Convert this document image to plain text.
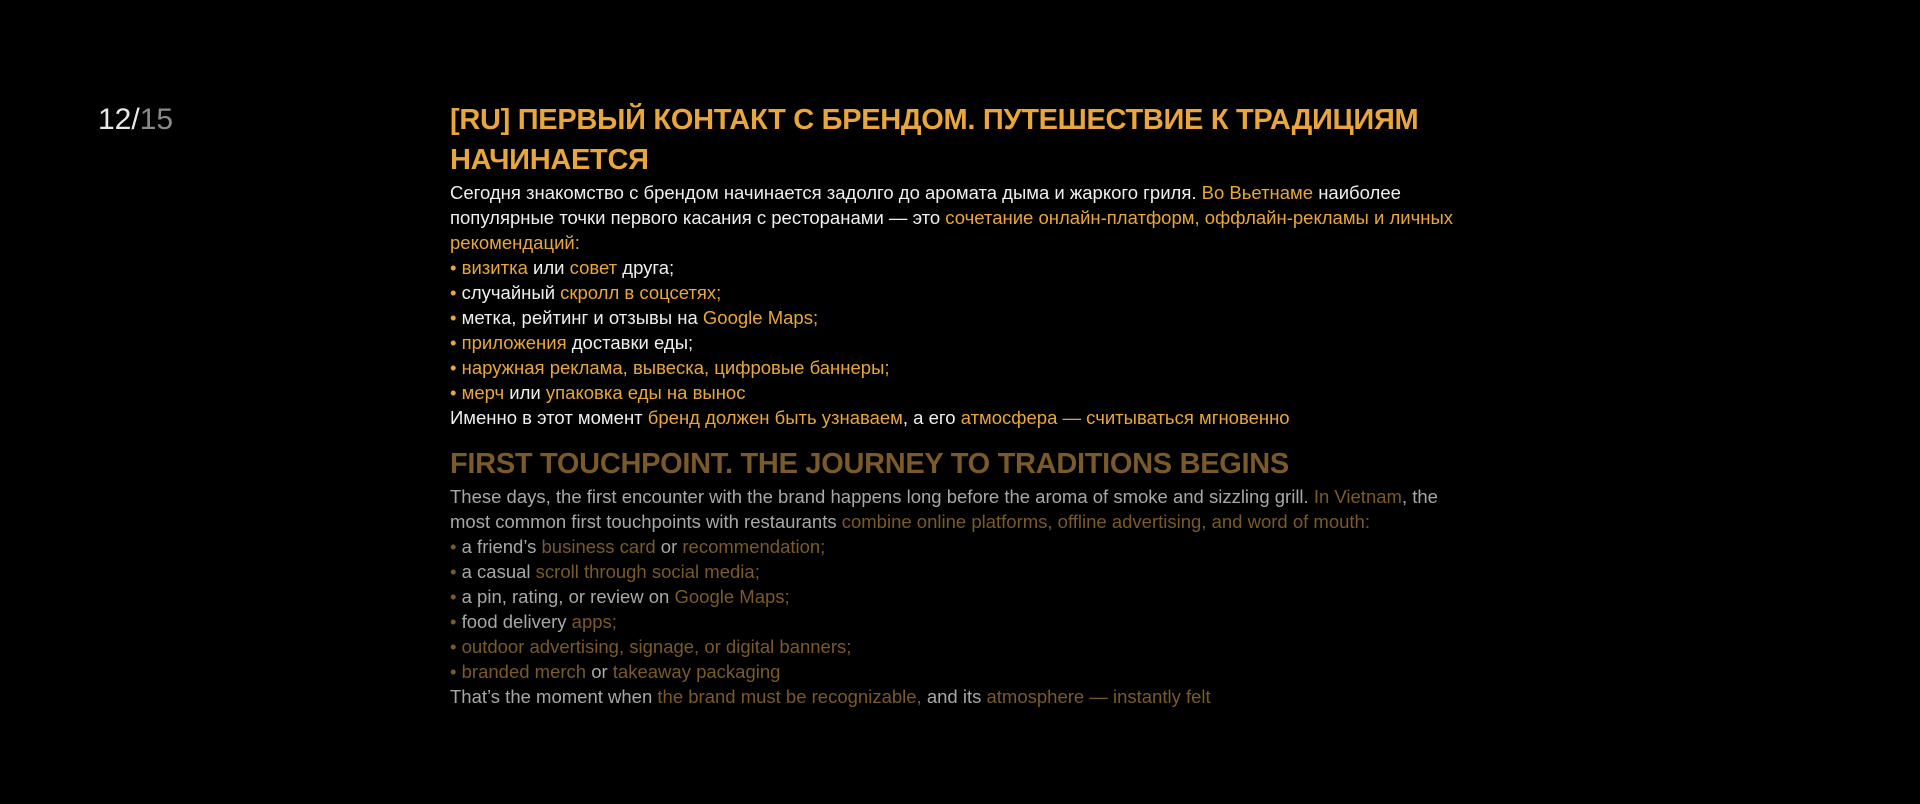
12/15	[RU] ПЕРВЫЙ КОНТАКТ С БРЕНДОМ. ПУТЕШЕСТВИЕ К ТРАДИЦИЯМ НАЧИНАЕТСЯ

Сегодня знакомство с брендом начинается задолго до аромата дыма и жаркого гриля. Во Вьетнаме наиболее популярные точки первого касания с ресторанами — это сочетание онлайн-платформ, оффлайн-рекламы и личных рекомендаций:

• визитка или совет друга;
• случайный скролл в соцсетях;
• метка, рейтинг и отзывы на Google Maps;
• приложения доставки еды;
• наружная реклама, вывеска, цифровые баннеры;
• мерч или упаковка еды на вынос

Именно в этот момент бренд должен быть узнаваем, а его атмосфера — считываться мгновенно

FIRST TOUCHPOINT. THE JOURNEY TO TRADITIONS BEGINS

These days, the first encounter with the brand happens long before the aroma of smoke and sizzling grill. In Vietnam, the most common first touchpoints with restaurants combine online platforms, offline advertising, and word of mouth:

• a friend’s business card or recommendation;
• a casual scroll through social media;
• a pin, rating, or review on Google Maps;
• food delivery apps;
• outdoor advertising, signage, or digital banners;
• branded merch or takeaway packaging

That’s the moment when the brand must be recognizable, and its atmosphere — instantly felt
